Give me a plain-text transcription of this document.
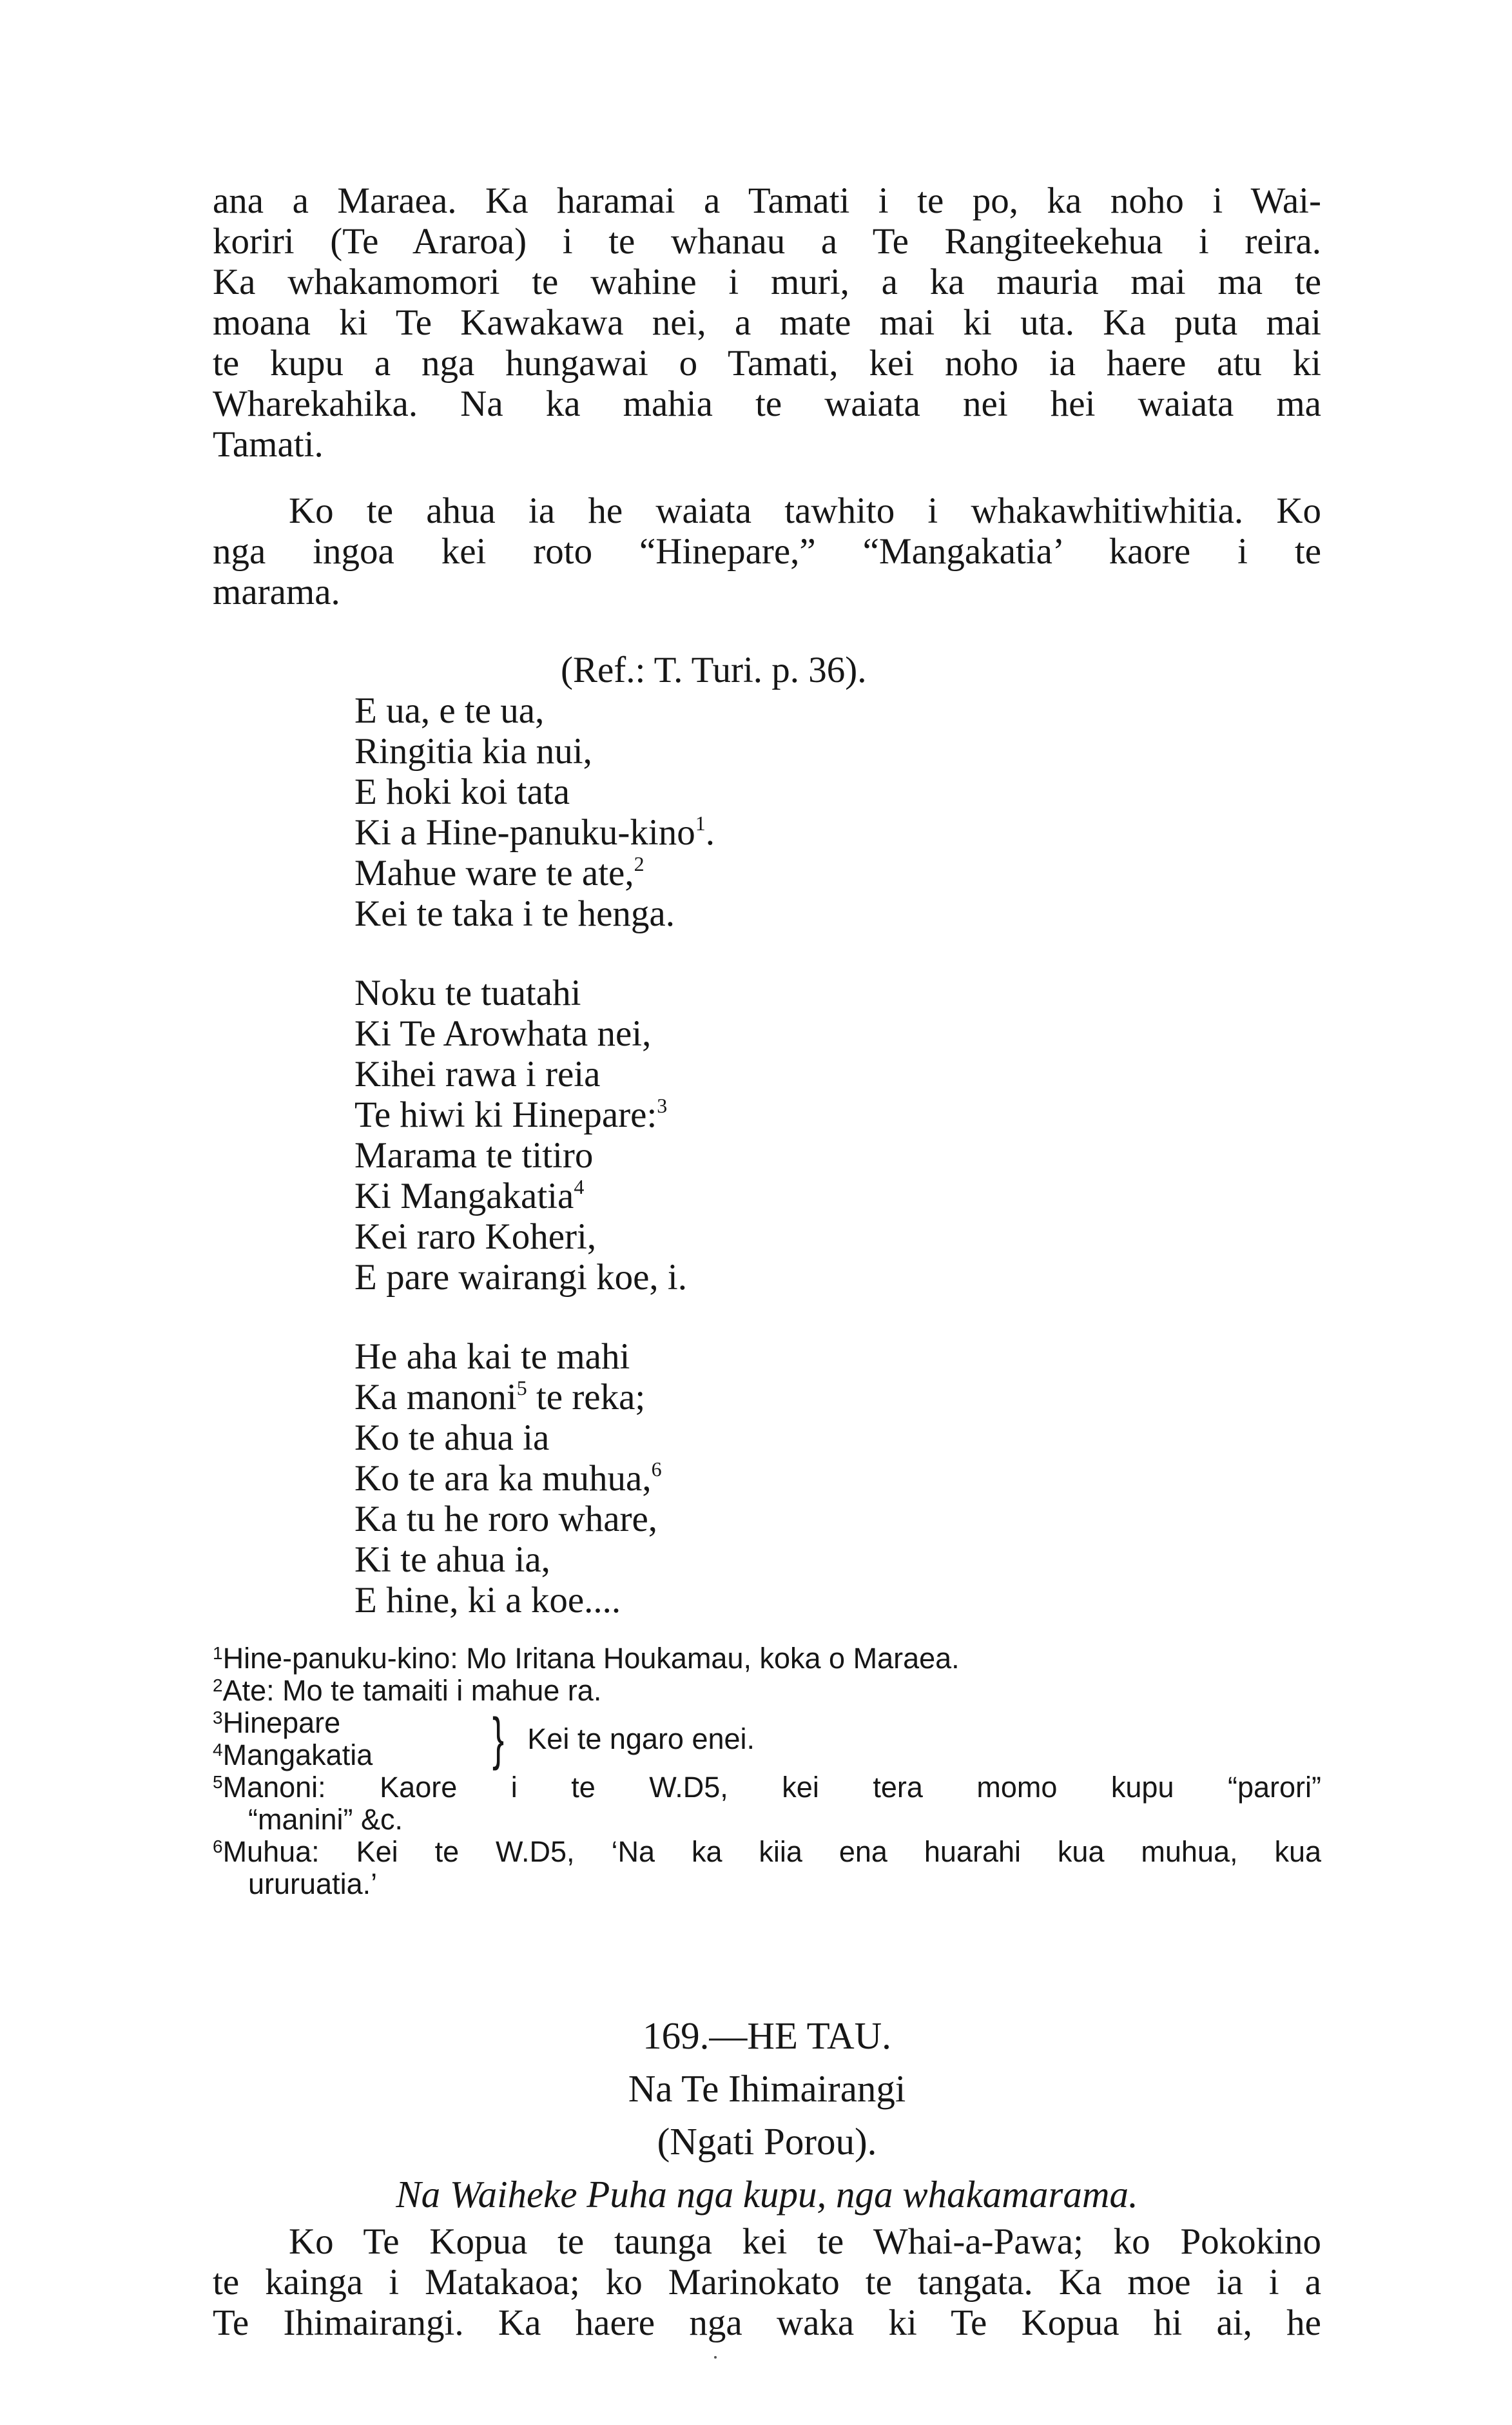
ana a Maraea. Ka haramai a Tamati i te po, ka noho i Wai-
koriri (Te Araroa) i te whanau a Te Rangiteekehua i reira.
Ka whakamomori te wahine i muri, a ka mauria mai ma te
moana ki Te Kawakawa nei, a mate mai ki uta. Ka puta mai
te kupu a nga hungawai o Tamati, kei noho ia haere atu ki
Wharekahika. Na ka mahia te waiata nei hei waiata ma
Tamati.

Ko te ahua ia he waiata tawhito i whakawhitiwhitia. Ko
nga ingoa kei roto “Hinepare,” “Mangakatia’ kaore i te
marama.

(Ref.: T. Turi. p. 36).
E ua, e te ua,
Ringitia kia nui,
E hoki koi tata
Ki a Hine-panuku-kino$^1$.
Mahue ware te ate,$^2$
Kei te taka i te henga.
Noku te tuatahi
Ki Te Arowhata nei,
Kihei rawa i reia
Te hiwi ki Hinepare:$^3$
Marama te titiro
Ki Mangakatia$^4$
Kei raro Koheri,
E pare wairangi koe, i.
He aha kai te mahi
Ka manoni$^5$ te reka;
Ko te ahua ia
Ko te ara ka muhua,$^6$
Ka tu he roro whare,
Ki te ahua ia,
E hine, ki a koe....
$^1$Hine-panuku-kino: Mo Iritana Houkamau, koka o Maraea.
$^2$Ate: Mo te tamaiti i mahue ra.
$^3$Hinepare
$^4$Mangakatia } Kei te ngaro enei.
$^5$Manoni: Kaore i te W.D5, kei tera momo kupu “parori”
“manini” &c.
$^6$Muhua: Kei te W.D5, ‘Na ka kiia ena huarahi kua muhua, kua
ururuatia.’

169.—HE TAU.

Na Te Ihimairangi

(Ngati Porou).

Na Waiheke Puha nga kupu, nga whakamarama.

Ko Te Kopua te taunga kei te Whai-a-Pawa; ko Pokokino
te kainga i Matakaoa; ko Marinokato te tangata. Ka moe ia i a
Te Ihimairangi. Ka haere nga waka ki Te Kopua hi ai, he
